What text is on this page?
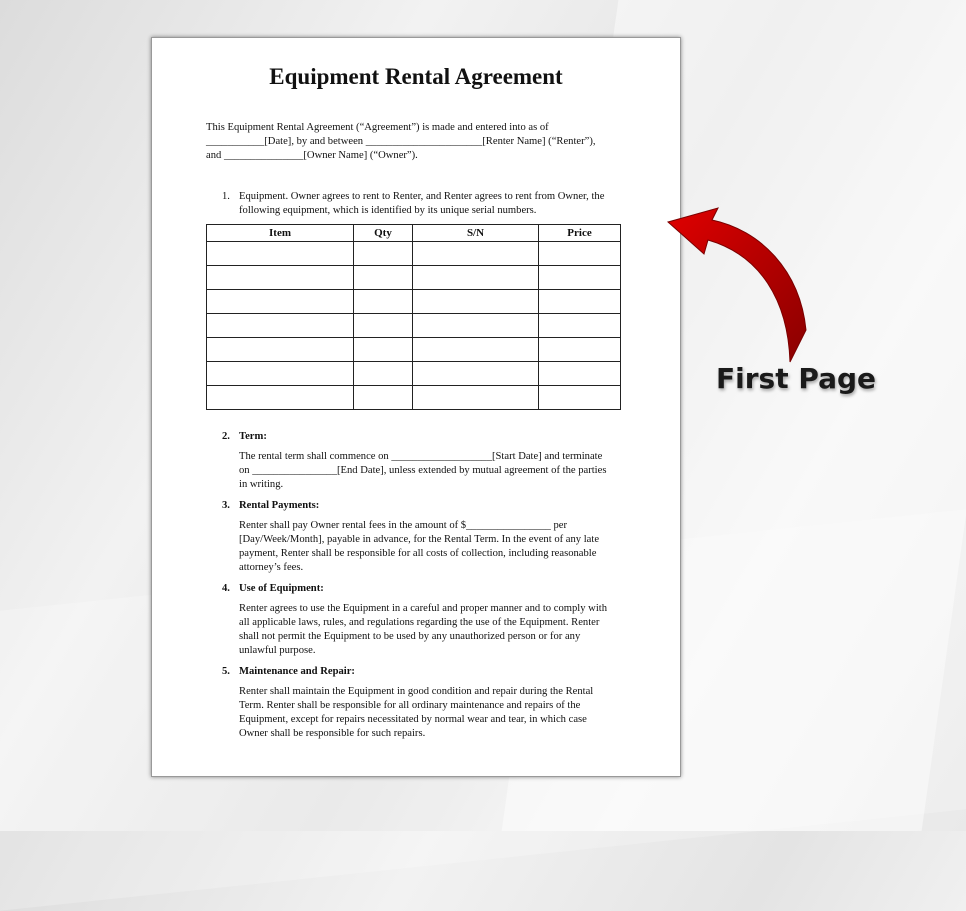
Equipment Rental Agreement
This Equipment Rental Agreement (“Agreement”) is made and entered into as of
___________[Date], by and between ______________________[Renter Name] (“Renter”),
and _______________[Owner Name] (“Owner”).
1. Equipment. Owner agrees to rent to Renter, and Renter agrees to rent from Owner, the
following equipment, which is identified by its unique serial numbers.
Item	Qty	S/N	Price

2. Term:
The rental term shall commence on ___________________[Start Date] and terminate
on ________________[End Date], unless extended by mutual agreement of the parties
in writing.
3. Rental Payments:
Renter shall pay Owner rental fees in the amount of $________________ per
[Day/Week/Month], payable in advance, for the Rental Term. In the event of any late
payment, Renter shall be responsible for all costs of collection, including reasonable
attorney’s fees.
4. Use of Equipment:
Renter agrees to use the Equipment in a careful and proper manner and to comply with
all applicable laws, rules, and regulations regarding the use of the Equipment. Renter
shall not permit the Equipment to be used by any unauthorized person or for any
unlawful purpose.
5. Maintenance and Repair:
Renter shall maintain the Equipment in good condition and repair during the Rental
Term. Renter shall be responsible for all ordinary maintenance and repairs of the
Equipment, except for repairs necessitated by normal wear and tear, in which case
Owner shall be responsible for such repairs.
First Page
